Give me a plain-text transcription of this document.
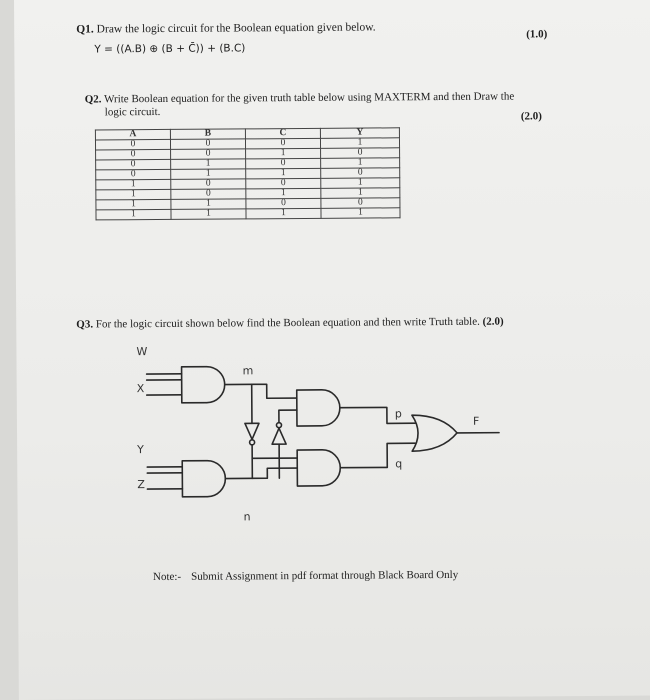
Q1. Draw the logic circuit for the Boolean equation given below.	(1.0)
Y = ((A.B) ⊕ (B + C̄)) + (B.C)
Q2. Write Boolean equation for the given truth table below using MAXTERM and then Draw the
logic circuit.	(2.0)
A	B	C	Y
0	0	0	1
0	0	1	0
0	1	0	1
0	1	1	0
1	0	0	1
1	0	1	1
1	1	0	0
1	1	1	1
Q3. For the logic circuit shown below find the Boolean equation and then write Truth table. (2.0)
W
X
Y
Z
m
n
p
q
F
Note:- Submit Assignment in pdf format through Black Board Only
